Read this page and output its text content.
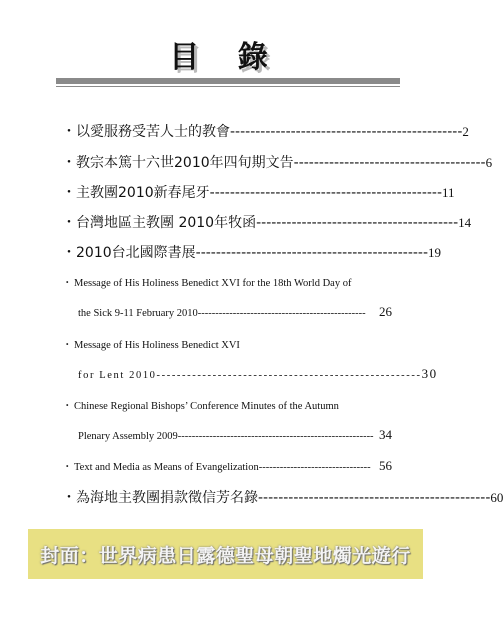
目 錄
・ 以愛服務受苦人士的教會 ---------------------------------------------- 2
・ 教宗本篤十六世2010年四旬期文告 -------------------------------------- 6
・ 主教團2010新春尾牙 ---------------------------------------------- 11
・ 台灣地區主教團 2010年牧函 ---------------------------------------- 14
・ 2010台北國際書展 ---------------------------------------------- 19
・ Message of His Holiness Benedict XVI for the 18th World Day of
the Sick 9-11 February 2010 ------------------------------------------------	26
・ Message of His Holiness Benedict XVI
for Lent 2010 ---------------------------------------------------- 30
・ Chinese Regional Bishops’ Conference Minutes of the Autumn
Plenary Assembly 2009 -------------------------------------------------------- 34
・ Text and Media as Means of Evangelization -------------------------------- 56
・ 為海地主教團捐款徵信芳名錄 ---------------------------------------------- 60
封面：世界病患日露德聖母朝聖地燭光遊行
